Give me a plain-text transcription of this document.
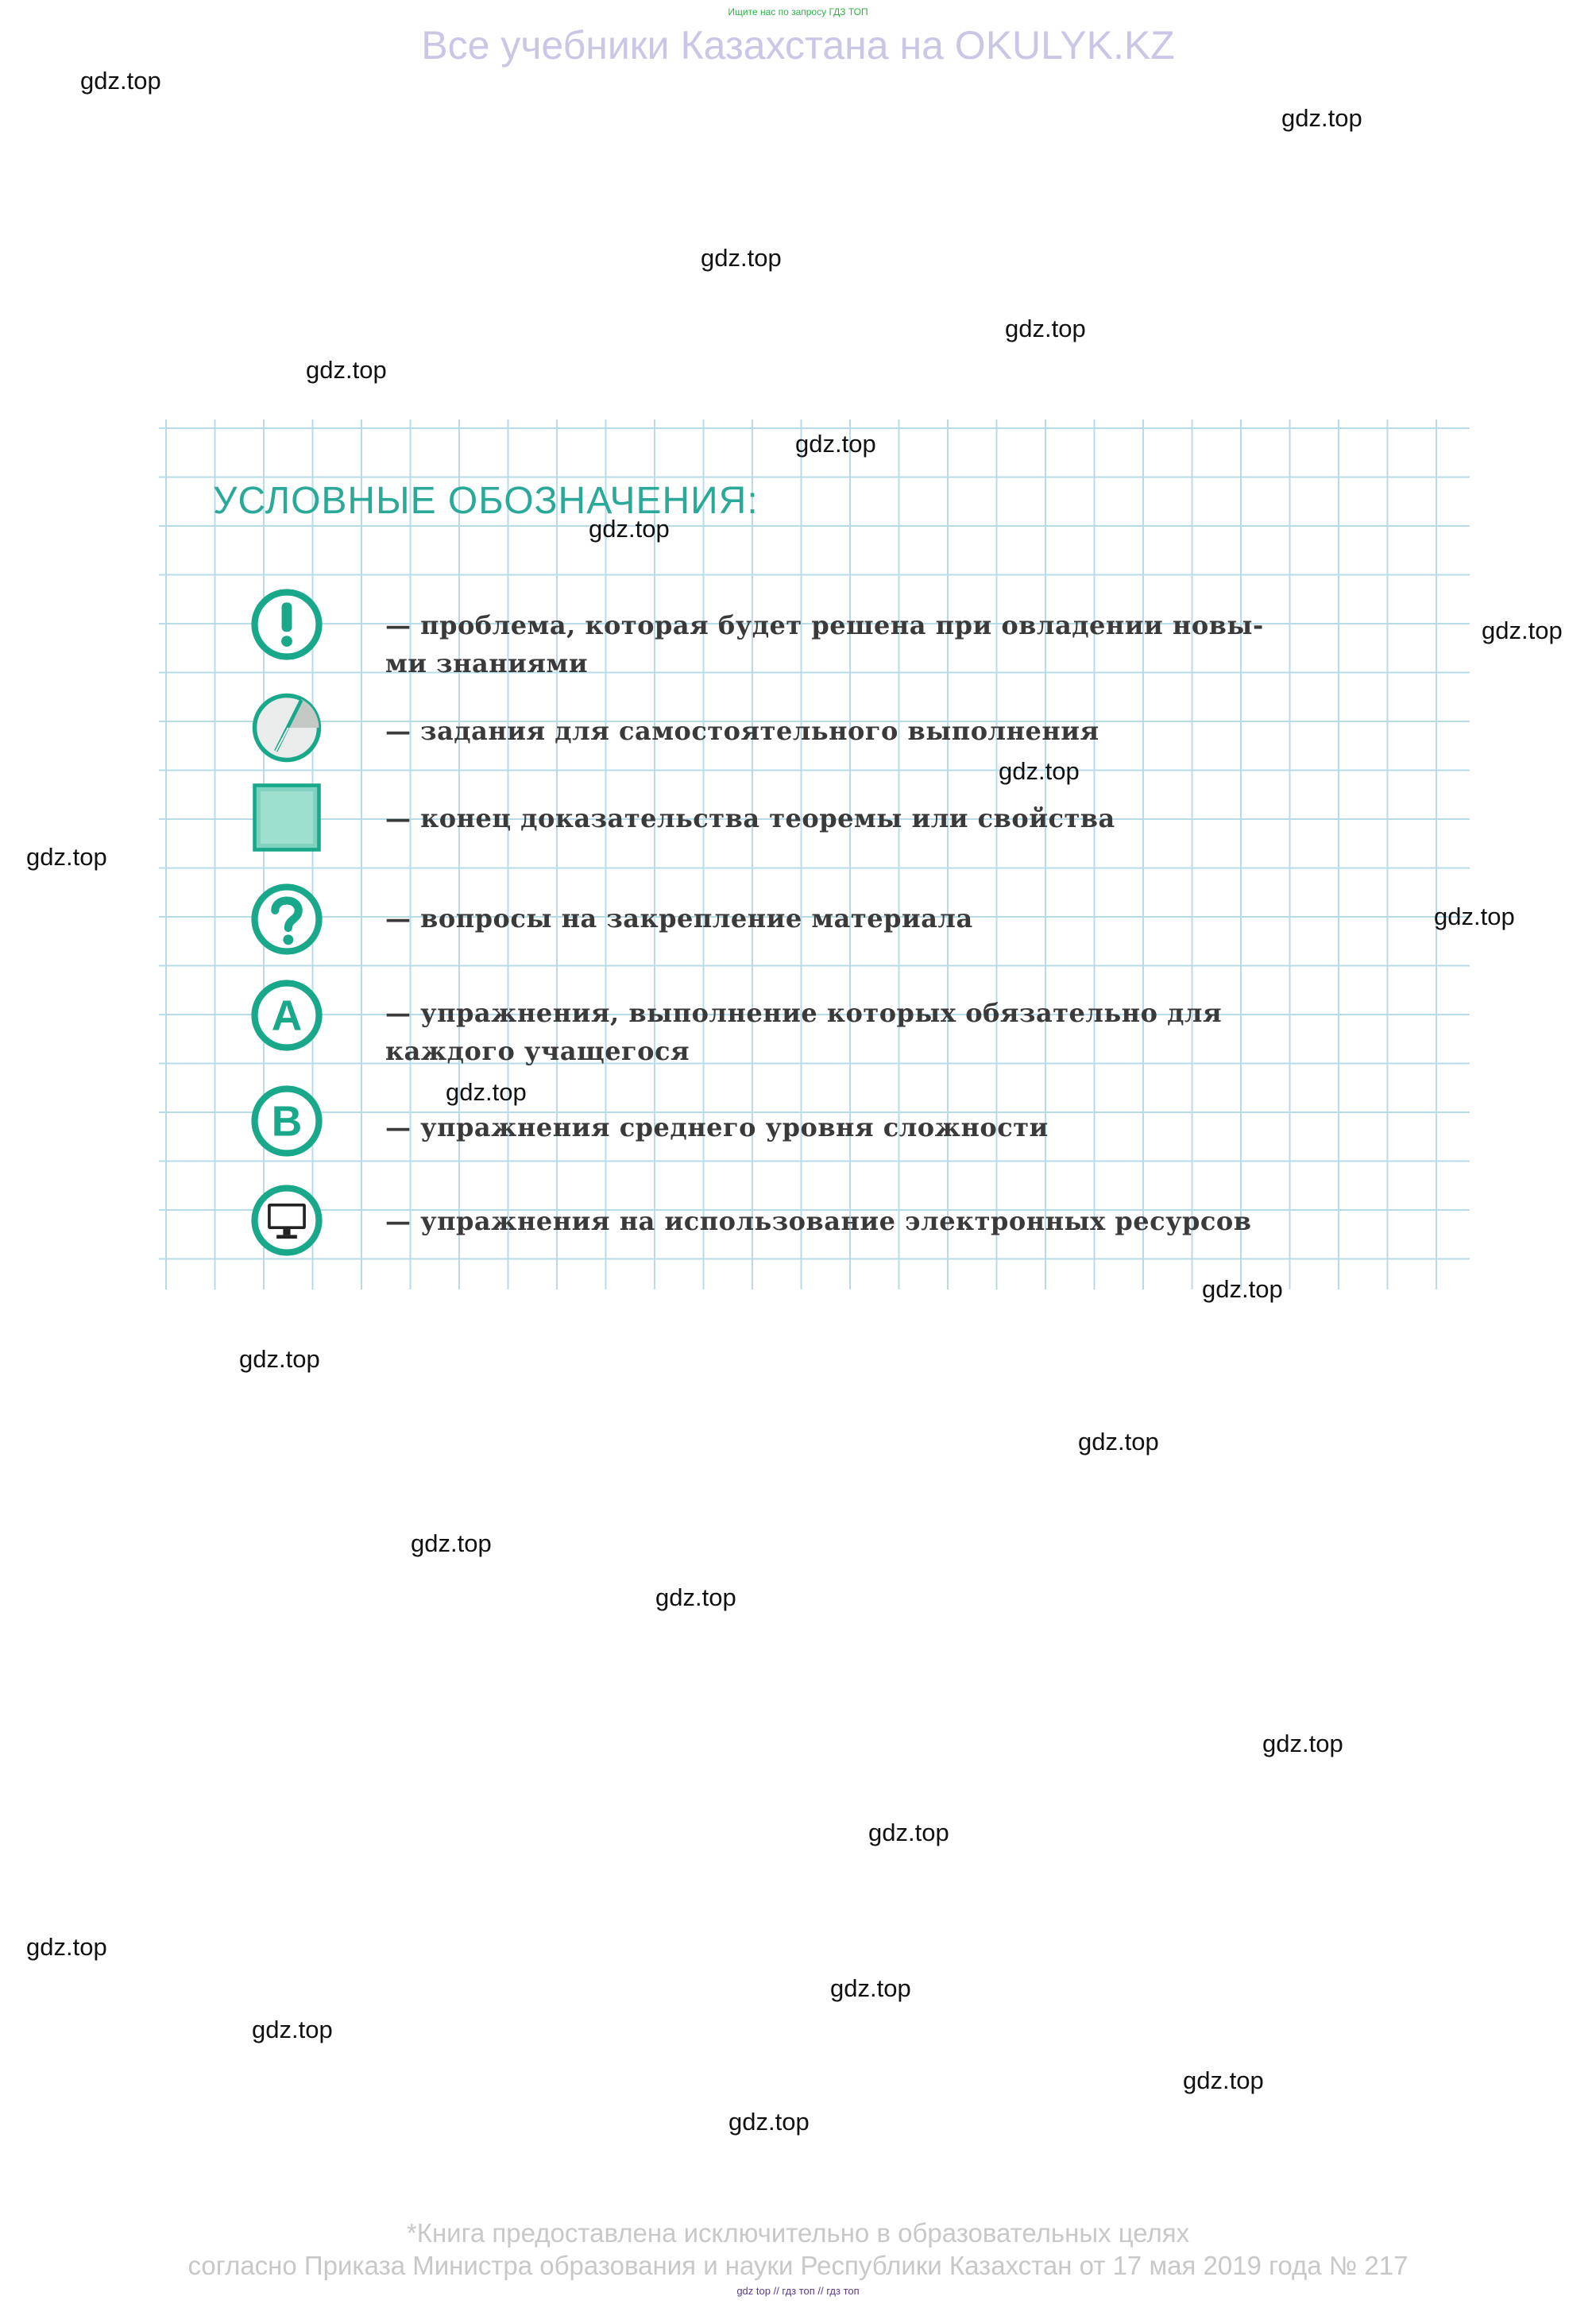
Ищите нас по запросу ГДЗ ТОП
Все учебники Казахстана на OKULYK.KZ
УСЛОВНЫЕ ОБОЗНАЧЕНИЯ:
A
B
— проблема, которая будет решена при овладении новы-
ми знаниями
— задания для самостоятельного выполнения
— конец доказательства теоремы или свойства
— вопросы на закрепление материала
— упражнения, выполнение которых обязательно для
каждого учащегося
— упражнения среднего уровня сложности
— упражнения на использование электронных ресурсов
gdz.top
gdz.top
gdz.top
gdz.top
gdz.top
gdz.top
gdz.top
gdz.top
gdz.top
gdz.top
gdz.top
gdz.top
gdz.top
gdz.top
gdz.top
gdz.top
gdz.top
gdz.top
gdz.top
gdz.top
gdz.top
gdz.top
gdz.top
gdz.top
*Книга предоставлена исключительно в образовательных целях
согласно Приказа Министра образования и науки Республики Казахстан от 17 мая 2019 года № 217
gdz top // гдз топ // гдз топ
